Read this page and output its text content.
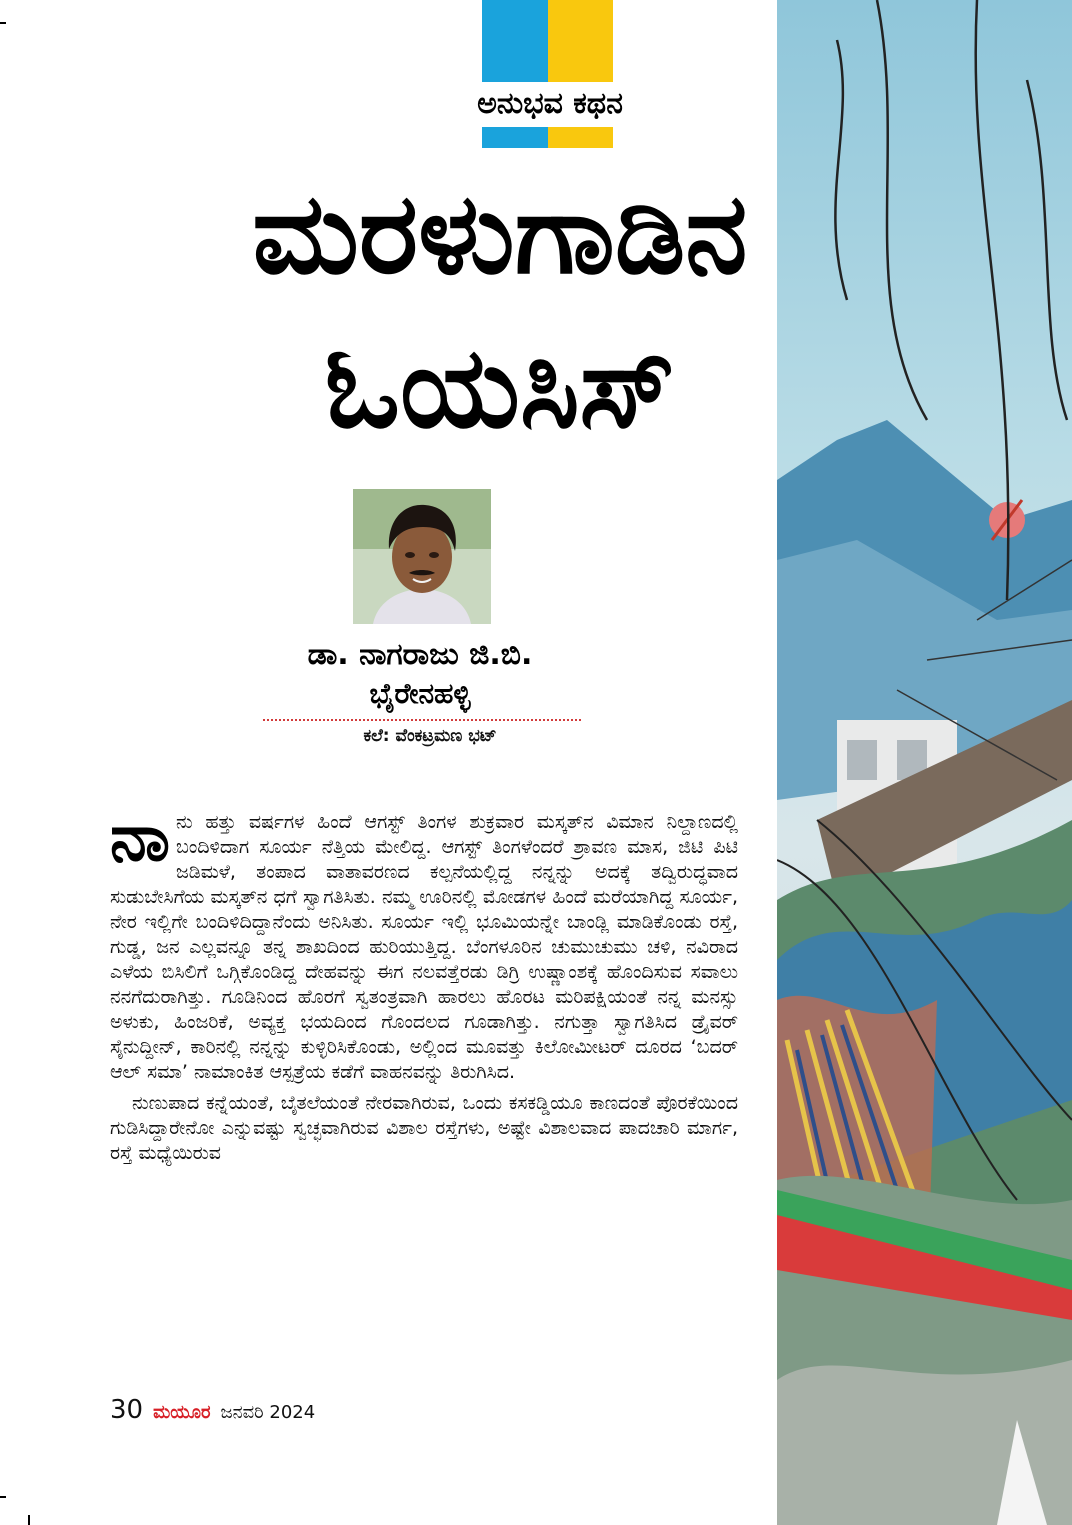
ಅನುಭವ ಕಥನ
ಮರಳುಗಾಡಿನ
ಓಯಸಿಸ್
ಡಾ. ನಾಗರಾಜು ಜಿ.ಬಿ.
ಭೈರೇನಹಳ್ಳಿ
ಕಲೆ: ವೆಂಕಟ್ರಮಣ ಭಟ್

ನಾನು ಹತ್ತು ವರ್ಷಗಳ ಹಿಂದೆ ಆಗಸ್ಟ್ ತಿಂಗಳ ಶುಕ್ರವಾರ ಮಸ್ಕತ್‌ನ ವಿಮಾನ ನಿಲ್ದಾಣದಲ್ಲಿ ಬಂದಿಳಿದಾಗ ಸೂರ್ಯ ನೆತ್ತಿಯ ಮೇಲಿದ್ದ. ಆಗಸ್ಟ್ ತಿಂಗಳೆಂದರೆ ಶ್ರಾವಣ ಮಾಸ, ಜಿಟಿ ಪಿಟಿ ಜಡಿಮಳೆ, ತಂಪಾದ ವಾತಾವರಣದ ಕಲ್ಪನೆಯಲ್ಲಿದ್ದ ನನ್ನನ್ನು ಅದಕ್ಕೆ ತದ್ವಿರುದ್ಧವಾದ ಸುಡುಬೇಸಿಗೆಯ ಮಸ್ಕತ್‌ನ ಧಗೆ ಸ್ವಾಗತಿಸಿತು. ನಮ್ಮ ಊರಿನಲ್ಲಿ ಮೋಡಗಳ ಹಿಂದೆ ಮರೆಯಾಗಿದ್ದ ಸೂರ್ಯ, ನೇರ ಇಲ್ಲಿಗೇ ಬಂದಿಳಿದಿದ್ದಾನೆಂದು ಅನಿಸಿತು. ಸೂರ್ಯ ಇಲ್ಲಿ ಭೂಮಿಯನ್ನೇ ಬಾಂಡ್ಲಿ ಮಾಡಿಕೊಂಡು ರಸ್ತೆ, ಗುಡ್ಡ, ಜನ ಎಲ್ಲವನ್ನೂ ತನ್ನ ಶಾಖದಿಂದ ಹುರಿಯುತ್ತಿದ್ದ. ಬೆಂಗಳೂರಿನ ಚುಮುಚುಮು ಚಳಿ, ನವಿರಾದ ಎಳೆಯ ಬಿಸಿಲಿಗೆ ಒಗ್ಗಿಕೊಂಡಿದ್ದ ದೇಹವನ್ನು ಈಗ ನಲವತ್ತೆರಡು ಡಿಗ್ರಿ ಉಷ್ಣಾಂಶಕ್ಕೆ ಹೊಂದಿಸುವ ಸವಾಲು ನನಗೆದುರಾಗಿತ್ತು. ಗೂಡಿನಿಂದ ಹೊರಗೆ ಸ್ವತಂತ್ರವಾಗಿ ಹಾರಲು ಹೊರಟ ಮರಿಪಕ್ಷಿಯಂತೆ ನನ್ನ ಮನಸ್ಸು ಅಳುಕು, ಹಿಂಜರಿಕೆ, ಅವ್ಯಕ್ತ ಭಯದಿಂದ ಗೊಂದಲದ ಗೂಡಾಗಿತ್ತು. ನಗುತ್ತಾ ಸ್ವಾಗತಿಸಿದ ಡ್ರೈವರ್ ಸೈನುದ್ದೀನ್, ಕಾರಿನಲ್ಲಿ ನನ್ನನ್ನು ಕುಳ್ಳಿರಿಸಿಕೊಂಡು, ಅಲ್ಲಿಂದ ಮೂವತ್ತು ಕಿಲೋಮೀಟರ್ ದೂರದ ‘ಬದರ್ ಆಲ್ ಸಮಾ’ ನಾಮಾಂಕಿತ ಆಸ್ಪತ್ರೆಯ ಕಡೆಗೆ ವಾಹನವನ್ನು ತಿರುಗಿಸಿದ.

ನುಣುಪಾದ ಕನ್ನೆಯಂತೆ, ಬೈತಲೆಯಂತೆ ನೇರವಾಗಿರುವ, ಒಂದು ಕಸಕಡ್ಡಿಯೂ ಕಾಣದಂತೆ ಪೊರಕೆಯಿಂದ ಗುಡಿಸಿದ್ದಾರೇನೋ ಎನ್ನುವಷ್ಟು ಸ್ವಚ್ಛವಾಗಿರುವ ವಿಶಾಲ ರಸ್ತೆಗಳು, ಅಷ್ಟೇ ವಿಶಾಲವಾದ ಪಾದಚಾರಿ ಮಾರ್ಗ, ರಸ್ತೆ ಮಧ್ಯೆಯಿರುವ

30 ಮಯೂರ ಜನವರಿ 2024
